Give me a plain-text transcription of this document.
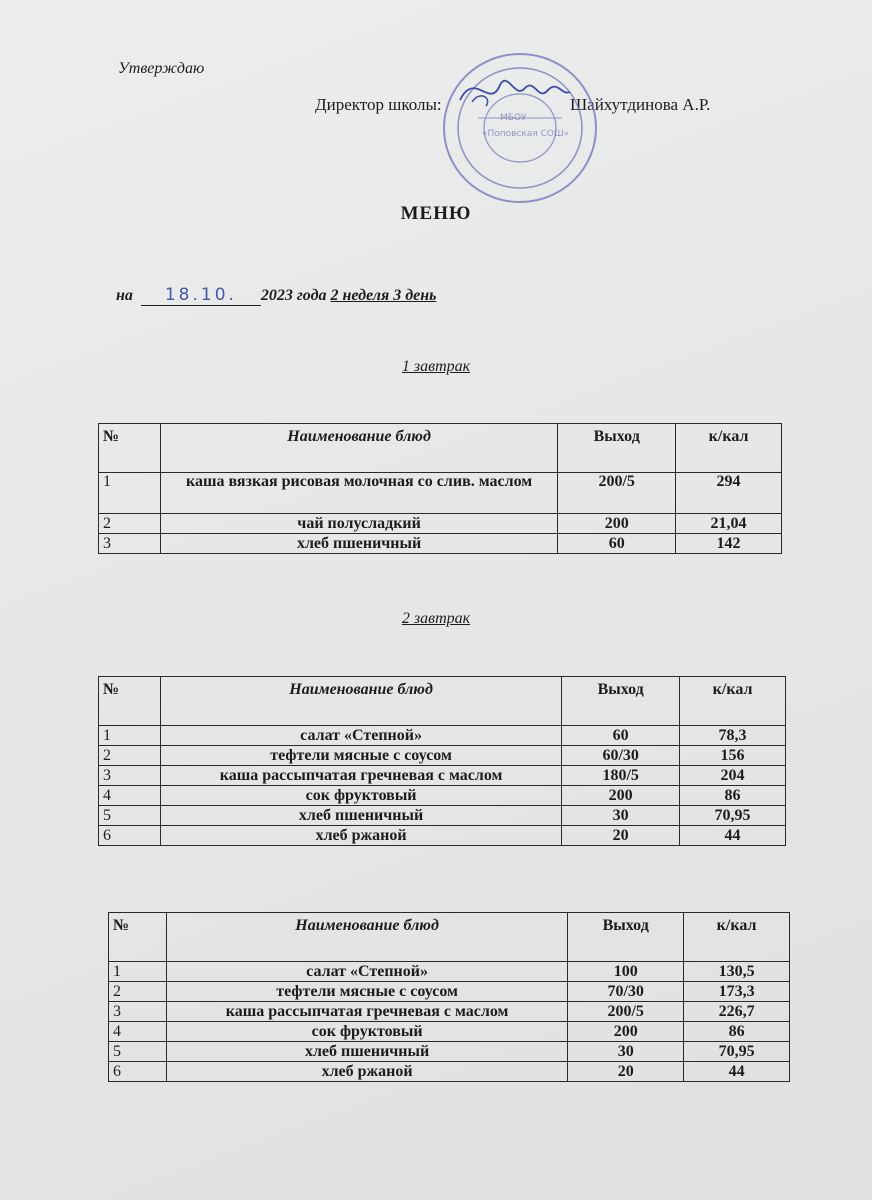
Утверждаю
Директор школы:	Шайхутдинова А.Р.
МБОУ
«Поповская СОШ»
МЕНЮ
на 18.10. 2023 года 2 неделя 3 день
1 завтрак
№	Наименование блюд	Выход	к/кал
1	каша вязкая рисовая молочная со слив. маслом	200/5	294
2	чай полусладкий	200	21,04
3	хлеб пшеничный	60	142
2 завтрак
№	Наименование блюд	Выход	к/кал
1	салат «Степной»	60	78,3
2	тефтели мясные с соусом	60/30	156
3	каша рассыпчатая гречневая с маслом	180/5	204
4	сок фруктовый	200	86
5	хлеб пшеничный	30	70,95
6	хлеб ржаной	20	44
№	Наименование блюд	Выход	к/кал
1	салат «Степной»	100	130,5
2	тефтели мясные с соусом	70/30	173,3
3	каша рассыпчатая гречневая с маслом	200/5	226,7
4	сок фруктовый	200	86
5	хлеб пшеничный	30	70,95
6	хлеб ржаной	20	44
